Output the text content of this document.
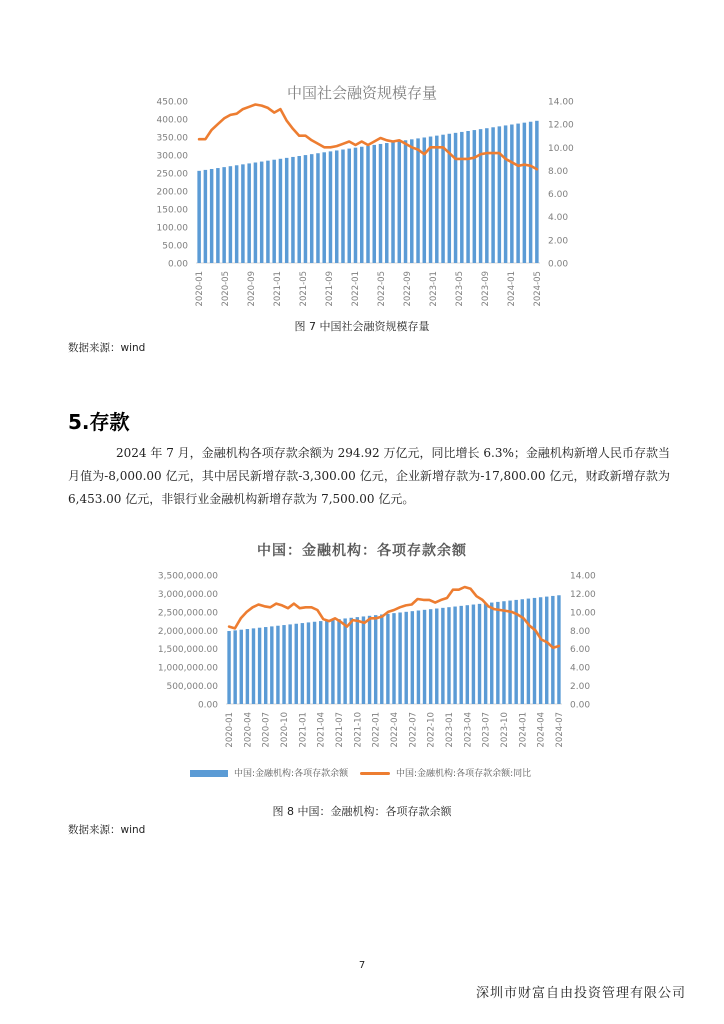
中国社会融资规模存量
450.00
400.00
350.00
300.00
250.00
200.00
150.00
100.00
50.00
0.00
14.00
12.00
10.00
8.00
6.00
4.00
2.00
0.00
2020-01 2020-05 2020-09 2021-01 2021-05 2021-09 2022-01 2022-05 2022-09 2023-01 2023-05 2023-09 2024-01 2024-05
图 7 中国社会融资规模存量
数据来源：wind
5.存款

2024 年 7 月，金融机构各项存款余额为 294.92 万亿元，同比增长 6.3%；金融机构新增人民币存款当月值为-8,000.00 亿元，其中居民新增存款-3,300.00 亿元，企业新增存款为-17,800.00 亿元，财政新增存款为 6,453.00 亿元，非银行业金融机构新增存款为 7,500.00 亿元。

中国：金融机构：各项存款余额
3,500,000.00
3,000,000.00
2,500,000.00
2,000,000.00
1,500,000.00
1,000,000.00
500,000.00
0.00
14.00
12.00
10.00
8.00
6.00
4.00
2.00
0.00
2020-01 2020-04 2020-07 2020-10 2021-01 2021-04 2021-07 2021-10 2022-01 2022-04 2022-07 2022-10 2023-01 2023-04 2023-07 2023-10 2024-01 2024-04 2024-07
中国:金融机构:各项存款余额	中国:金融机构:各项存款余额:同比
图 8 中国：金融机构：各项存款余额
数据来源：wind
7
深圳市财富自由投资管理有限公司
